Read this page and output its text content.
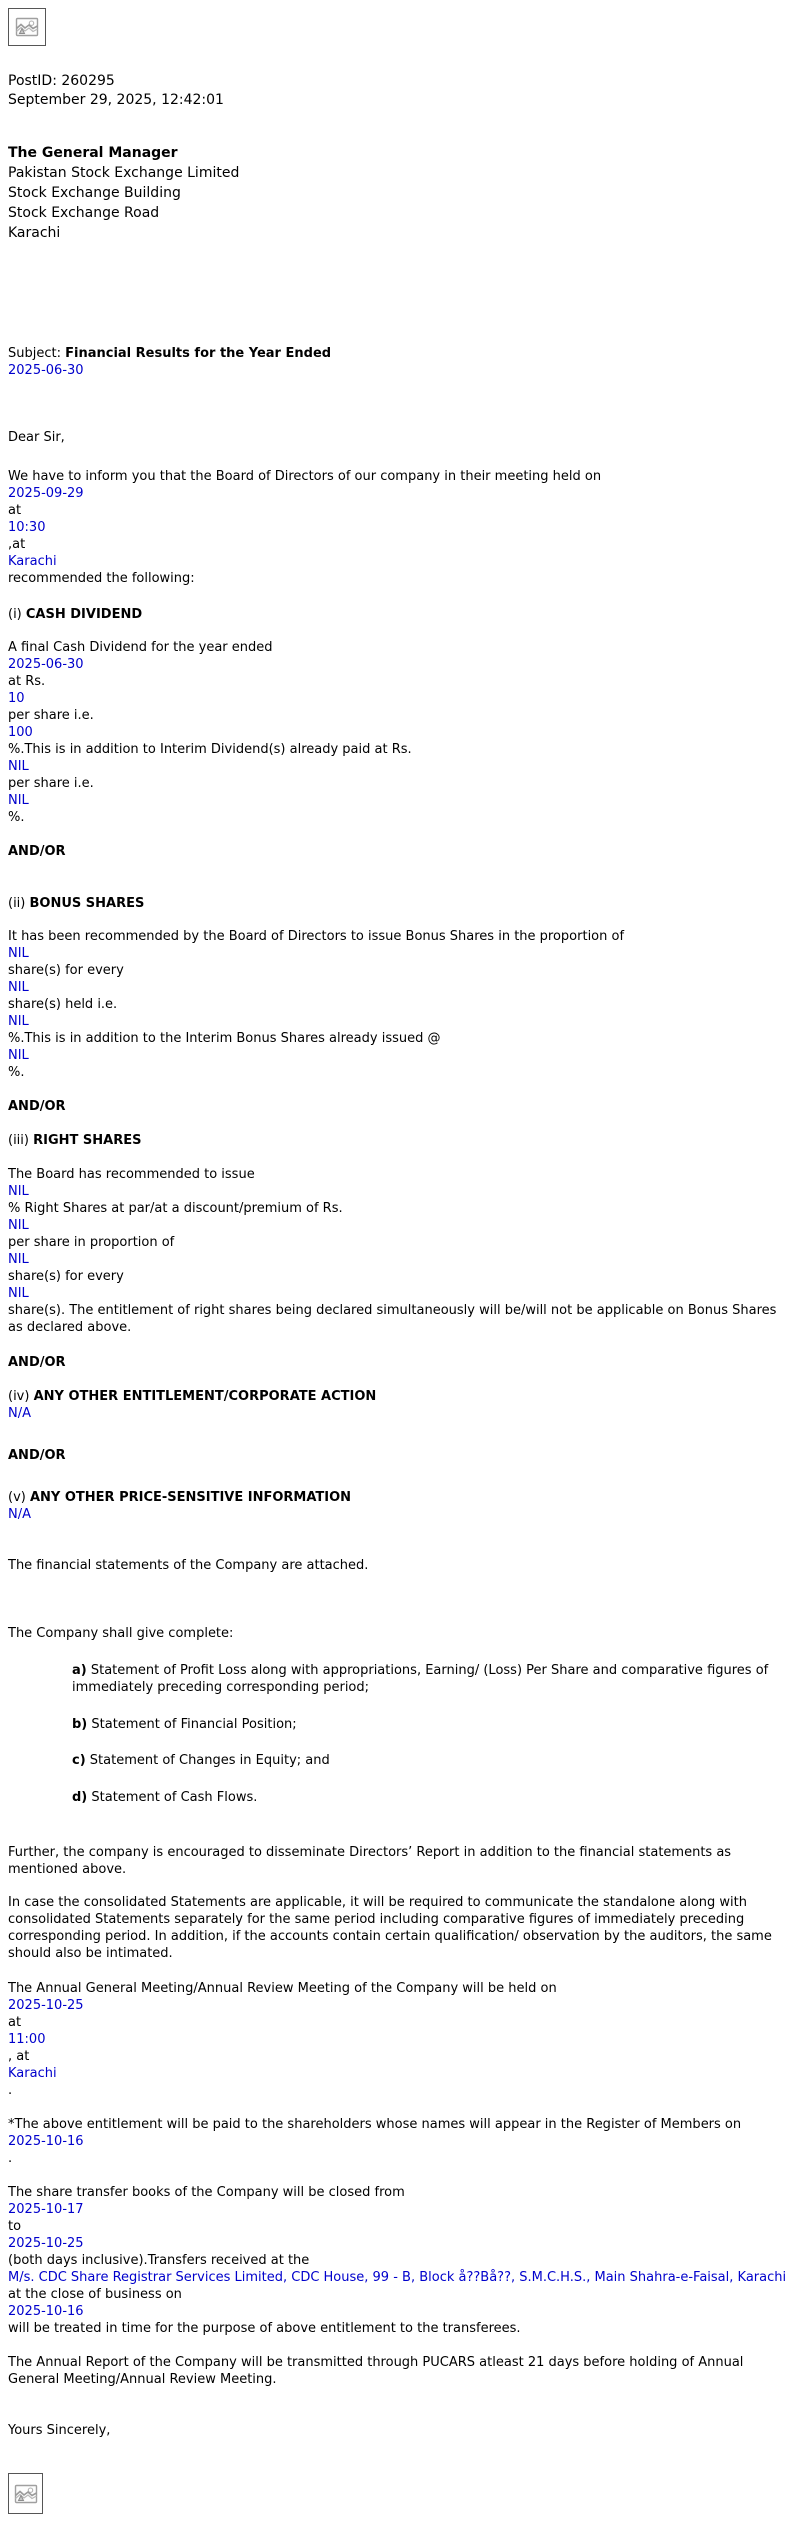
PostID: 260295
September 29, 2025, 12:42:01
The General Manager
Pakistan Stock Exchange Limited
Stock Exchange Building
Stock Exchange Road
Karachi
Subject: Financial Results for the Year Ended
2025-06-30
Dear Sir,
We have to inform you that the Board of Directors of our company in their meeting held on
2025-09-29
at
10:30
,at
Karachi
recommended the following:
(i) CASH DIVIDEND
A final Cash Dividend for the year ended
2025-06-30
at Rs.
10
per share i.e.
100
%.This is in addition to Interim Dividend(s) already paid at Rs.
NIL
per share i.e.
NIL
%.
AND/OR
(ii) BONUS SHARES
It has been recommended by the Board of Directors to issue Bonus Shares in the proportion of
NIL
share(s) for every
NIL
share(s) held i.e.
NIL
%.This is in addition to the Interim Bonus Shares already issued @
NIL
%.
AND/OR
(iii) RIGHT SHARES
The Board has recommended to issue
NIL
% Right Shares at par/at a discount/premium of Rs.
NIL
per share in proportion of
NIL
share(s) for every
NIL
share(s). The entitlement of right shares being declared simultaneously will be/will not be applicable on Bonus Shares as declared above.
AND/OR
(iv) ANY OTHER ENTITLEMENT/CORPORATE ACTION
N/A
AND/OR
(v) ANY OTHER PRICE-SENSITIVE INFORMATION
N/A
The financial statements of the Company are attached.
The Company shall give complete:
a) Statement of Profit Loss along with appropriations, Earning/ (Loss) Per Share and comparative figures of immediately preceding corresponding period;
b) Statement of Financial Position;
c) Statement of Changes in Equity; and
d) Statement of Cash Flows.
Further, the company is encouraged to disseminate Directors’ Report in addition to the financial statements as mentioned above.
In case the consolidated Statements are applicable, it will be required to communicate the standalone along with consolidated Statements separately for the same period including comparative figures of immediately preceding corresponding period. In addition, if the accounts contain certain qualification/ observation by the auditors, the same should also be intimated.
The Annual General Meeting/Annual Review Meeting of the Company will be held on
2025-10-25
at
11:00
, at
Karachi
.
*The above entitlement will be paid to the shareholders whose names will appear in the Register of Members on
2025-10-16
.
The share transfer books of the Company will be closed from
2025-10-17
to
2025-10-25
(both days inclusive).Transfers received at the
M/s. CDC Share Registrar Services Limited, CDC House, 99 - B, Block å??Bå??, S.M.C.H.S., Main Shahra-e-Faisal, Karachi
at the close of business on
2025-10-16
will be treated in time for the purpose of above entitlement to the transferees.
The Annual Report of the Company will be transmitted through PUCARS atleast 21 days before holding of Annual General Meeting/Annual Review Meeting.
Yours Sincerely,
